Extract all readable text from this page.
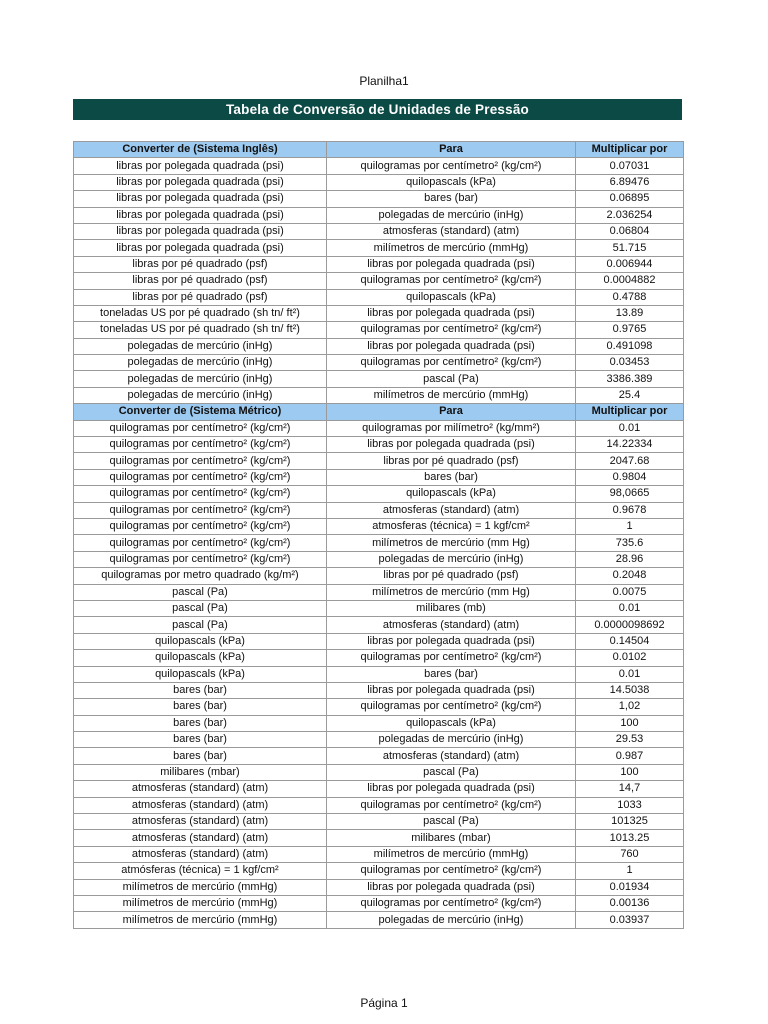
Planilha1
Tabela de Conversão de Unidades de Pressão
Converter de (Sistema Inglês)	Para	Multiplicar por
libras por polegada quadrada (psi)	quilogramas por centímetro² (kg/cm²)	0.07031
libras por polegada quadrada (psi)	quilopascals (kPa)	6.89476
libras por polegada quadrada (psi)	bares (bar)	0.06895
libras por polegada quadrada (psi)	polegadas de mercúrio (inHg)	2.036254
libras por polegada quadrada (psi)	atmosferas (standard) (atm)	0.06804
libras por polegada quadrada (psi)	milímetros de mercúrio (mmHg)	51.715
libras por pé quadrado (psf)	libras por polegada quadrada (psi)	0.006944
libras por pé quadrado (psf)	quilogramas por centímetro² (kg/cm²)	0.0004882
libras por pé quadrado (psf)	quilopascals (kPa)	0.4788
toneladas US por pé quadrado (sh tn/ ft²)	libras por polegada quadrada (psi)	13.89
toneladas US por pé quadrado (sh tn/ ft²)	quilogramas por centímetro² (kg/cm²)	0.9765
polegadas de mercúrio (inHg)	libras por polegada quadrada (psi)	0.491098
polegadas de mercúrio (inHg)	quilogramas por centímetro² (kg/cm²)	0.03453
polegadas de mercúrio (inHg)	pascal (Pa)	3386.389
polegadas de mercúrio (inHg)	milímetros de mercúrio (mmHg)	25.4
Converter de (Sistema Métrico)	Para	Multiplicar por
quilogramas por centímetro² (kg/cm²)	quilogramas por milímetro² (kg/mm²)	0.01
quilogramas por centímetro² (kg/cm²)	libras por polegada quadrada (psi)	14.22334
quilogramas por centímetro² (kg/cm²)	libras por pé quadrado (psf)	2047.68
quilogramas por centímetro² (kg/cm²)	bares (bar)	0.9804
quilogramas por centímetro² (kg/cm²)	quilopascals (kPa)	98,0665
quilogramas por centímetro² (kg/cm²)	atmosferas (standard) (atm)	0.9678
quilogramas por centímetro² (kg/cm²)	atmosferas (técnica) = 1 kgf/cm²	1
quilogramas por centímetro² (kg/cm²)	milímetros de mercúrio (mm Hg)	735.6
quilogramas por centímetro² (kg/cm²)	polegadas de mercúrio (inHg)	28.96
quilogramas por metro quadrado (kg/m²)	libras por pé quadrado (psf)	0.2048
pascal (Pa)	milímetros de mercúrio (mm Hg)	0.0075
pascal (Pa)	milibares (mb)	0.01
pascal (Pa)	atmosferas (standard) (atm)	0.0000098692
quilopascals (kPa)	libras por polegada quadrada (psi)	0.14504
quilopascals (kPa)	quilogramas por centímetro² (kg/cm²)	0.0102
quilopascals (kPa)	bares (bar)	0.01
bares (bar)	libras por polegada quadrada (psi)	14.5038
bares (bar)	quilogramas por centímetro² (kg/cm²)	1,02
bares (bar)	quilopascals (kPa)	100
bares (bar)	polegadas de mercúrio (inHg)	29.53
bares (bar)	atmosferas (standard) (atm)	0.987
milibares (mbar)	pascal (Pa)	100
atmosferas (standard) (atm)	libras por polegada quadrada (psi)	14,7
atmosferas (standard) (atm)	quilogramas por centímetro² (kg/cm²)	1033
atmosferas (standard) (atm)	pascal (Pa)	101325
atmosferas (standard) (atm)	milibares (mbar)	1013.25
atmosferas (standard) (atm)	milímetros de mercúrio (mmHg)	760
atmósferas (técnica) = 1 kgf/cm²	quilogramas por centímetro² (kg/cm²)	1
milímetros de mercúrio (mmHg)	libras por polegada quadrada (psi)	0.01934
milímetros de mercúrio (mmHg)	quilogramas por centímetro² (kg/cm²)	0.00136
milímetros de mercúrio (mmHg)	polegadas de mercúrio (inHg)	0.03937
Página 1
